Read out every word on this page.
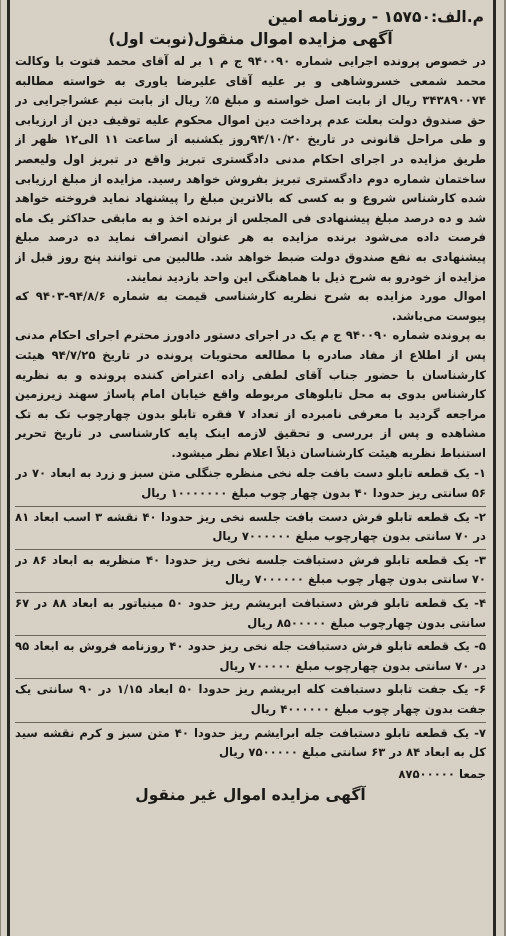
م.الف:۱۵۷۵۰ - روزنامه امین
آگهی مزایده اموال منقول(نوبت اول)

در خصوص پرونده اجرایی شماره ۹۴۰۰۹۰ ج م ۱ بر له آقای محمد فتوت با وکالت محمد شمعی خسروشاهی و بر علیه آقای علیرضا یاوری به خواسته مطالبه ۳۴۳۸۹۰۰۷۴ ریال از بابت اصل خواسته و مبلغ ۵٪ ریال از بابت نیم عشراجرایی در حق صندوق دولت بعلت عدم پرداخت دین اموال محکوم علیه توقیف دین از ارزیابی و طی مراحل قانونی در تاریخ ۹۴/۱۰/۲۰روز یکشنبه از ساعت ۱۱ الی۱۲ ظهر از طریق مزایده در اجرای احکام مدنی دادگستری تبریز واقع در تبریز اول ولیعصر ساختمان شماره دوم دادگستری تبریز بفروش خواهد رسید. مزایده از مبلغ ارزیابی شده کارشناس شروع و به کسی که بالاترین مبلغ را پیشنهاد نماید فروخته خواهد شد و ده درصد مبلغ پیشنهادی فی المجلس از برنده اخذ و به مابقی حداکثر یک ماه فرصت داده می‌شود برنده مزایده به هر عنوان انصراف نماید ده درصد مبلغ پیشنهادی به نفع صندوق دولت ضبط خواهد شد. طالبین می توانند پنج روز قبل از مزایده از خودرو به شرح ذیل با هماهنگی این واحد بازدید نمایند.

اموال مورد مزایده به شرح نظریه کارشناسی قیمت به شماره ۹۴/۸/۶-۹۴۰۳ که پیوست می‌باشد.

به پرونده شماره ۹۴۰۰۹۰ ج م یک در اجرای دستور دادورز محترم اجرای احکام مدنی پس از اطلاع از مفاد صادره با مطالعه محتویات پرونده در تاریخ ۹۴/۷/۲۵ هیئت کارشناسان با حضور جناب آقای لطفی زاده اعتراض کننده پرونده و به نظریه کارشناس بدوی به محل تابلوهای مربوطه واقع خیابان امام پاساژ سهند زیرزمین مراجعه گردید با معرفی نامبرده از تعداد ۷ فقره تابلو بدون چهارچوب تک به تک مشاهده و پس از بررسی و تحقیق لازمه اینک پایه کارشناسی در تاریخ تحریر استنباط نظریه هیئت کارشناسان ذیلاً اعلام نظر میشود.

۱- یک قطعه تابلو دست بافت جله نخی منظره جنگلی متن سبز و زرد به ابعاد ۷۰ در ۵۶ سانتی ریز حدودا ۴۰ بدون چهار چوب مبلغ ۱۰۰۰۰۰۰۰ ریال
۲- یک قطعه تابلو فرش دست بافت جلسه نخی ریز حدودا ۴۰ نقشه ۳ اسب ابعاد ۸۱ در ۷۰ سانتی بدون چهارچوب مبلغ ۷۰۰۰۰۰۰ ریال
۳- یک قطعه تابلو فرش دستبافت جلسه نخی ریز حدودا ۴۰ منظریه به ابعاد ۸۶ در ۷۰ سانتی بدون چهار چوب مبلغ ۷۰۰۰۰۰۰ ریال
۴- یک قطعه تابلو فرش دستبافت ابریشم ریز حدود ۵۰ مینیاتور به ابعاد ۸۸ در ۶۷ سانتی بدون چهارچوب مبلغ ۸۵۰۰۰۰۰ ریال
۵- یک قطعه تابلو فرش دستبافت جله نخی ریز حدود ۴۰ روزنامه فروش به ابعاد ۹۵ در ۷۰ سانتی بدون چهارچوب مبلغ ۷۰۰۰۰۰ ریال
۶- یک جفت تابلو دستبافت کله ابریشم ریز حدودا ۵۰ ابعاد ۱/۱۵ در ۹۰ سانتی یک جفت بدون چهار چوب مبلغ ۴۰۰۰۰۰۰ ریال
۷- یک قطعه تابلو دستبافت جله ابرایشم ریز حدودا ۴۰ متن سبز و کرم نقشه سید کل به ابعاد ۸۴ در ۶۳ سانتی مبلغ ۷۵۰۰۰۰۰ ریال
جمعا ۸۷۵۰۰۰۰۰
آگهی مزایده اموال غیر منقول
